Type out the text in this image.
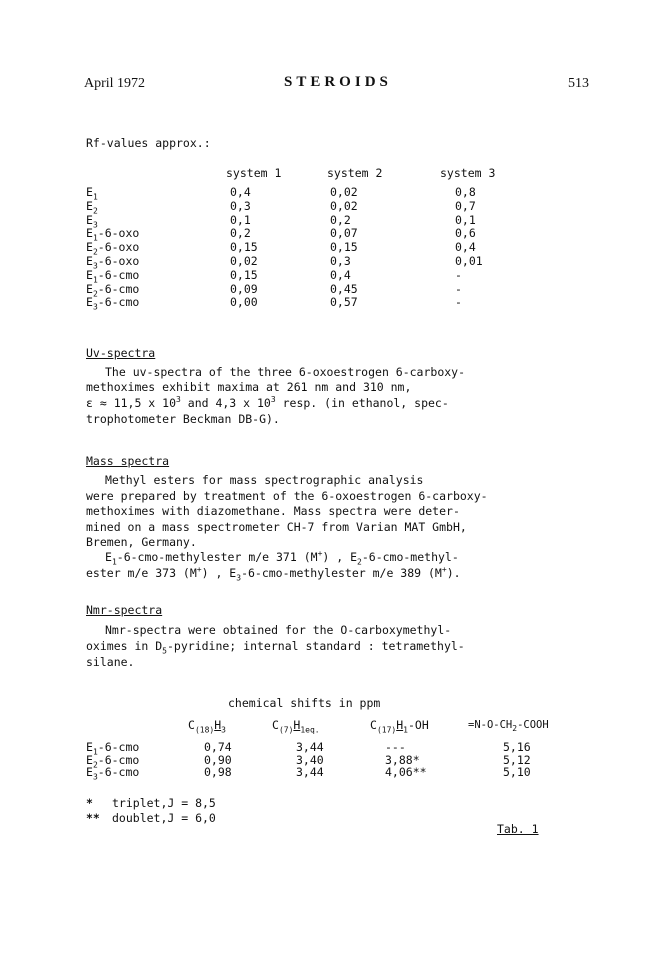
April 1972	STEROIDS	513
Rf-values approx.:
system 1	system 2	system 3
$E_1$	0,4	0,02	0,8
$E_2$	0,3	0,02	0,7
$E_3$	0,1	0,2	0,1
$E_1-6$-oxo	0,2	0,07	0,6
$E_2-6$-oxo	0,15	0,15	0,4
$E_3-6$-oxo	0,02	0,3	0,01
$E_1-6$-cmo	0,15	0,4	-
$E_2-6$-cmo	0,09	0,45	-
$E_3-6$-cmo	0,00	0,57	-
Uv-spectra
The uv-spectra of the three 6-oxoestrogen 6-carboxy-
methoximes exhibit maxima at 261 nm and 310 nm,
ε ≈ 11,5 x $10^3$ and 4,3 x $10^3$ resp. (in ethanol, spec-
trophotometer Beckman DB-G).
Mass spectra
Methyl esters for mass spectrographic analysis
were prepared by treatment of the 6-oxoestrogen 6-carboxy-
methoximes with diazomethane. Mass spectra were deter-
mined on a mass spectrometer CH-7 from Varian MAT GmbH,
Bremen, Germany.
$E_1-6-cmo$-methylester m/e 371 (M+) , $E_2-6-cmo-methyl-$
ester m/e 373 (M+) , $E_3-6-cmo$-methylester m/e 389 (M+).
Nmr-spectra
Nmr-spectra were obtained for the O-carboxymethyl-
oximes in $D_5$-pyridine; internal standard : tetramethyl-
silane.
chemical shifts in ppm
$C_{(18)}H_3$	$C_{(7)}H_{1eq.}$	$C_{(17)}H_1-OH$	$=N-O-CH_2$-COOH
$E_1-6$-cmo	0,74	3,44	---	5,16
$E_2-6$-cmo	0,90	3,40	3,88*	5,12
$E_3-6$-cmo	0,98	3,44	4,06**	5,10
* triplet,J = 8,5
** doublet,J = 6,0
Tab. 1
